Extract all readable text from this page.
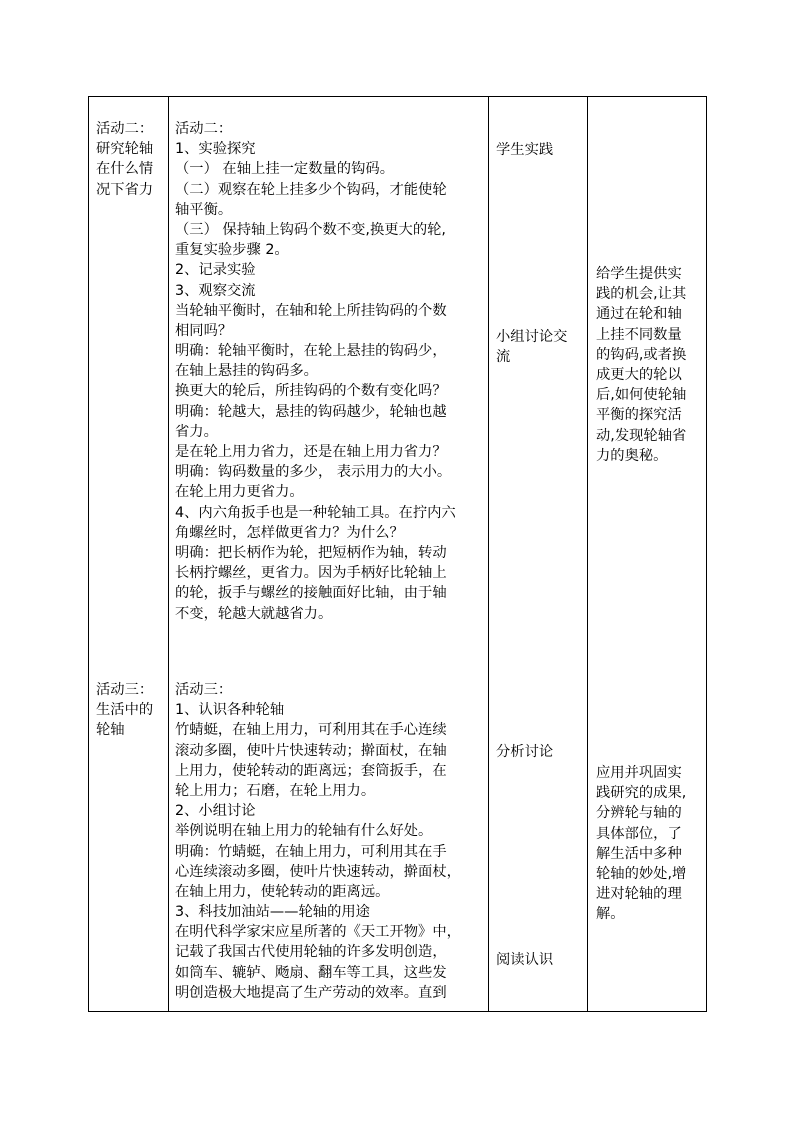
活动二：
研究轮轴
在什么情
况下省力
活动二：
1、实验探究
（一） 在轴上挂一定数量的钩码。
（二）观察在轮上挂多少个钩码，才能使轮
轴平衡。
（三） 保持轴上钩码个数不变,换更大的轮,
重复实验步骤 2。
2、记录实验
3、观察交流
当轮轴平衡时，在轴和轮上所挂钩码的个数
相同吗？
明确：轮轴平衡时，在轮上悬挂的钩码少，
在轴上悬挂的钩码多。
换更大的轮后，所挂钩码的个数有变化吗？
明确：轮越大，悬挂的钩码越少，轮轴也越
省力。
是在轮上用力省力，还是在轴上用力省力？
明确：钩码数量的多少， 表示用力的大小。
在轮上用力更省力。
4、内六角扳手也是一种轮轴工具。在拧内六
角螺丝时，怎样做更省力？为什么？
明确：把长柄作为轮，把短柄作为轴，转动
长柄拧螺丝，更省力。因为手柄好比轮轴上
的轮，扳手与螺丝的接触面好比轴，由于轴
不变，轮越大就越省力。
学生实践
小组讨论交
流
给学生提供实
践的机会,让其
通过在轮和轴
上挂不同数量
的钩码,或者换
成更大的轮以
后,如何使轮轴
平衡的探究活
动,发现轮轴省
力的奥秘。
活动三：
生活中的
轮轴
活动三：
1、认识各种轮轴
竹蜻蜓，在轴上用力，可利用其在手心连续
滚动多圈，使叶片快速转动；擀面杖，在轴
上用力，使轮转动的距离远；套筒扳手，在
轮上用力；石磨，在轮上用力。
2、小组讨论
举例说明在轴上用力的轮轴有什么好处。
明确：竹蜻蜓，在轴上用力，可利用其在手
心连续滚动多圈，使叶片快速转动，擀面杖，
在轴上用力，使轮转动的距离远。
3、科技加油站——轮轴的用途
在明代科学家宋应星所著的《天工开物》中，
记载了我国古代使用轮轴的许多发明创造，
如筒车、辘轳、飏扇、翻车等工具，这些发
明创造极大地提高了生产劳动的效率。直到
分析讨论
阅读认识
应用并巩固实
践研究的成果,
分辨轮与轴的
具体部位，了
解生活中多种
轮轴的妙处,增
进对轮轴的理
解。
